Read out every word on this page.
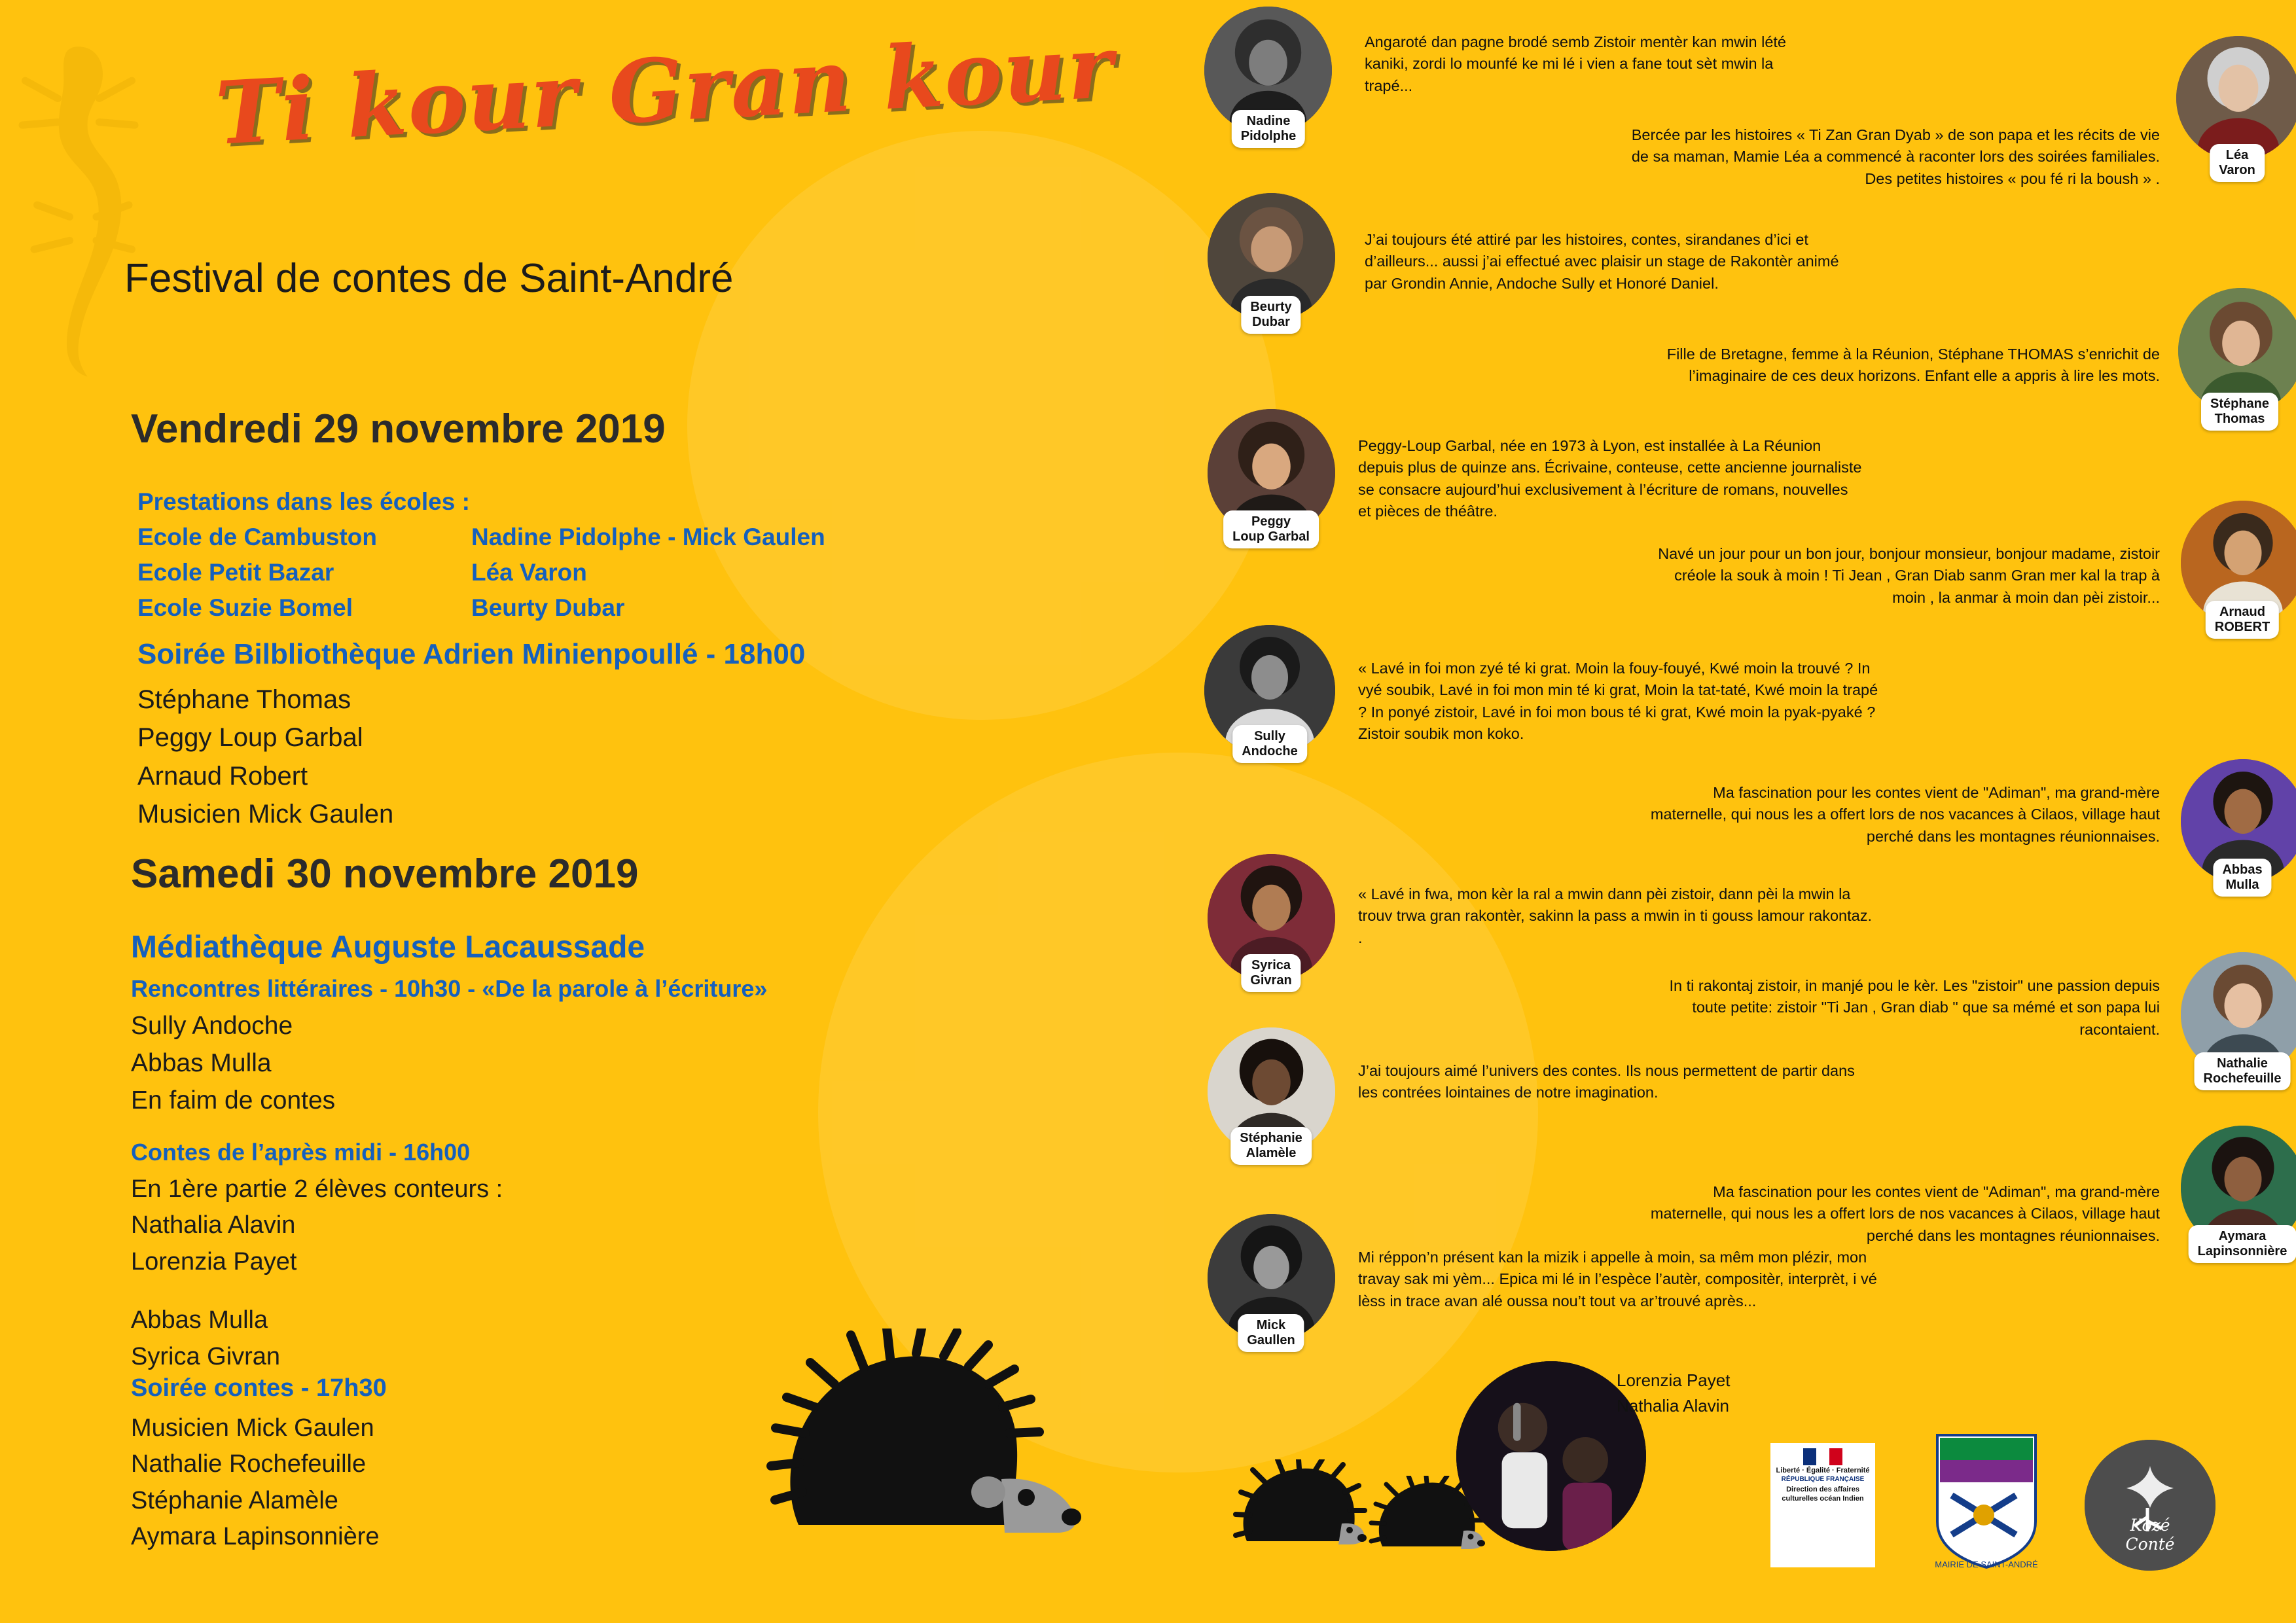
Ti kour Gran kour
Festival de contes de Saint-André
Vendredi 29 novembre 2019
Prestations dans les écoles :
Ecole de Cambuston	Nadine Pidolphe - Mick Gaulen
Ecole Petit Bazar	Léa Varon
Ecole Suzie Bomel	Beurty Dubar
Soirée Bilbliothèque Adrien Minienpoullé - 18h00
Stéphane Thomas
Peggy Loup Garbal
Arnaud Robert
Musicien Mick Gaulen
Samedi 30 novembre 2019
Médiathèque Auguste Lacaussade
Rencontres littéraires - 10h30 - «De la parole à l’écriture»
Sully Andoche
Abbas Mulla
En faim de contes
Contes de l’après midi - 16h00
En 1ère partie 2 élèves conteurs :
Nathalia Alavin
Lorenzia Payet
Abbas Mulla
Syrica Givran
Soirée contes - 17h30
Musicien Mick Gaulen
Nathalie Rochefeuille
Stéphanie Alamèle
Aymara Lapinsonnière
Nadine
Pidolphe
Angaroté dan pagne brodé semb Zistoir mentèr kan mwin lété kaniki, zordi lo mounfé ke mi lé i vien a fane tout sèt mwin la trapé...
Léa
Varon
Bercée par les histoires « Ti Zan Gran Dyab » de son papa et les récits de vie de sa maman, Mamie Léa a commencé à raconter lors des soirées familiales. Des petites histoires « pou fé ri la boush » .
Beurty
Dubar
J’ai toujours été attiré par les histoires, contes, sirandanes d’ici et d’ailleurs... aussi j’ai effectué avec plaisir un stage de Rakontèr animé par Grondin Annie, Andoche Sully et Honoré Daniel.
Stéphane
Thomas
Fille de Bretagne, femme à la Réunion, Stéphane THOMAS s’enrichit de l’imaginaire de ces deux horizons. Enfant elle a appris à lire les mots.
Peggy
Loup Garbal
Peggy-Loup Garbal, née en 1973 à Lyon, est installée à La Réunion depuis plus de quinze ans. Écrivaine, conteuse, cette ancienne journaliste se consacre aujourd’hui exclusivement à l’écriture de romans, nouvelles et pièces de théâtre.
Arnaud
ROBERT
Navé un jour pour un bon jour, bonjour monsieur, bonjour madame, zistoir créole la souk à moin ! Ti Jean , Gran Diab sanm Gran mer kal la trap à moin , la anmar à moin dan pèi zistoir...
Sully
Andoche
« Lavé in foi mon zyé té ki grat. Moin la fouy-fouyé, Kwé moin la trouvé ? In vyé soubik, Lavé in foi mon min té ki grat, Moin la tat-taté, Kwé moin la trapé ? In ponyé zistoir, Lavé in foi mon bous té ki grat, Kwé moin la pyak-pyaké ? Zistoir soubik mon koko.
Abbas
Mulla
Ma fascination pour les contes vient de "Adiman", ma grand-mère maternelle, qui nous les a offert lors de nos vacances à Cilaos, village haut perché dans les montagnes réunionnaises.
Syrica
Givran
« Lavé in fwa, mon kèr la ral a mwin dann pèi zistoir, dann pèi la mwin la trouv trwa gran rakontèr, sakinn la pass a mwin in ti gouss lamour rakontaz. .
Nathalie
Rochefeuille
In ti rakontaj zistoir, in manjé pou le kèr. Les "zistoir" une passion depuis toute petite: zistoir "Ti Jan , Gran diab " que sa mémé et son papa lui racontaient.
Stéphanie
Alamèle
J’ai toujours aimé l’univers des contes. Ils nous permettent de partir dans les contrées lointaines de notre imagination.
Aymara
Lapinsonnière
Ma fascination pour les contes vient de "Adiman", ma grand-mère maternelle, qui nous les a offert lors de nos vacances à Cilaos, village haut perché dans les montagnes réunionnaises.
Mick
Gaullen
Mi réppon’n présent kan la mizik i appelle à moin, sa mêm mon plézir, mon travay sak mi yèm... Epica mi lé in l’espèce l’autèr, compositèr, interprèt, i vé lèss in trace avan alé oussa nou’t tout va ar’trouvé après...
Lorenzia Payet
Nathalia Alavin
Liberté · Égalité · Fraternité
RÉPUBLIQUE FRANÇAISE

Direction des affaires culturelles océan Indien

MAIRIE DE SAINT-ANDRÉ
Kozé
Conté
